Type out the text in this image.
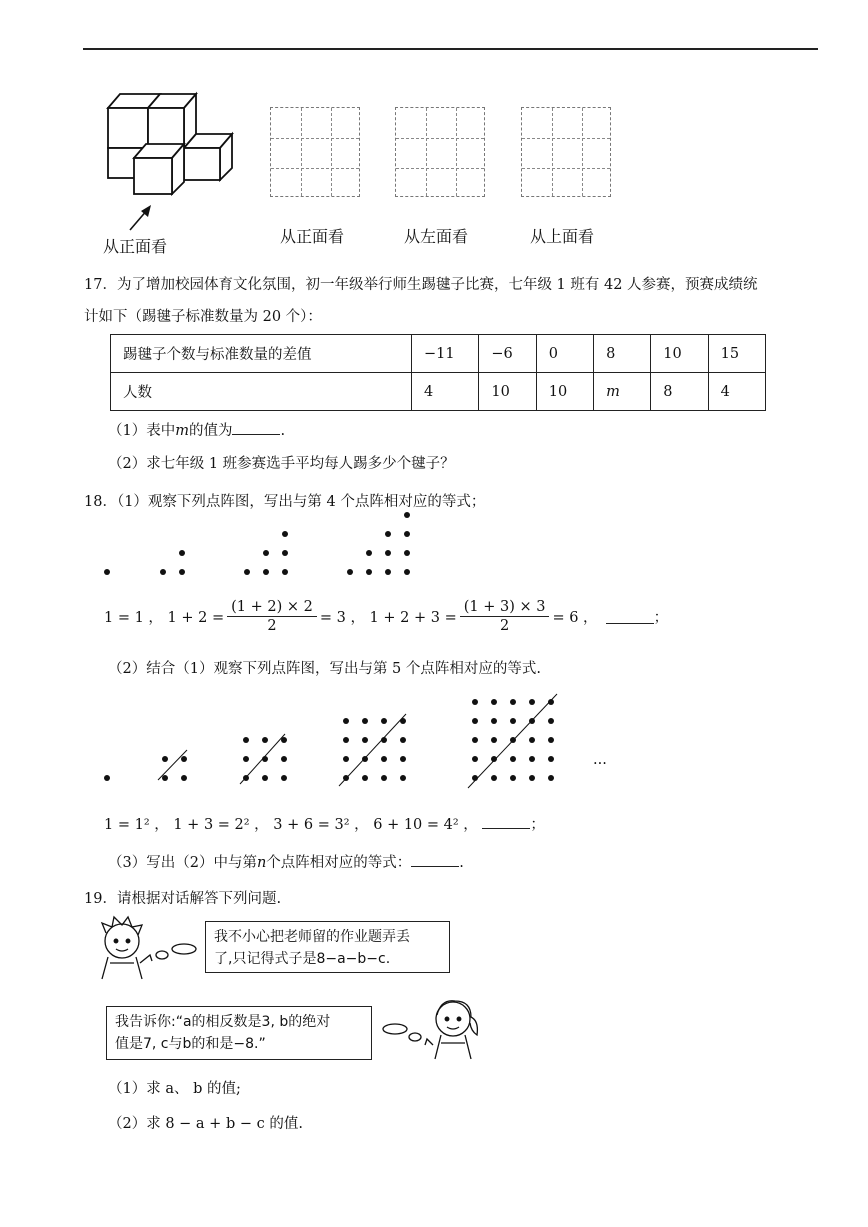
从正面看
从正面看	从左面看	从上面看
17．为了增加校园体育文化氛围，初一年级举行师生踢毽子比赛，七年级 1 班有 42 人参赛，预赛成绩统
计如下（踢毽子标准数量为 20 个）：
踢毽子个数与标准数量的差值	−11	−6	0	8	10	15
人数	4	10	10	m	8	4
（1）表中m的值为	.
（2）求七年级 1 班参赛选手平均每人踢多少个毽子？
18．（1）观察下列点阵图，写出与第 4 个点阵相对应的等式；
1 = 1 ， $1 + 2 = \frac{(1 + 2) \times 2}{2} = 3$ ， $1 + 2 + 3 = \frac{(1 + 3) \times 3}{2} = 6$ ，	；
（2）结合（1）观察下列点阵图，写出与第 5 个点阵相对应的等式.
...
1 = 1² ， 1 + 3 = 2² ， 3 + 6 = 3² ， 6 + 10 = 4² ，	；
（3）写出（2）中与第n个点阵相对应的等式：	.
19．请根据对话解答下列问题.
我不小心把老师留的作业题弄丢
了,只记得式子是8−a−b−c.
我告诉你:“a的相反数是3, b的绝对
值是7, c与b的和是−8.”
（1）求 a、 b 的值;
（2）求 8 − a + b − c 的值.
